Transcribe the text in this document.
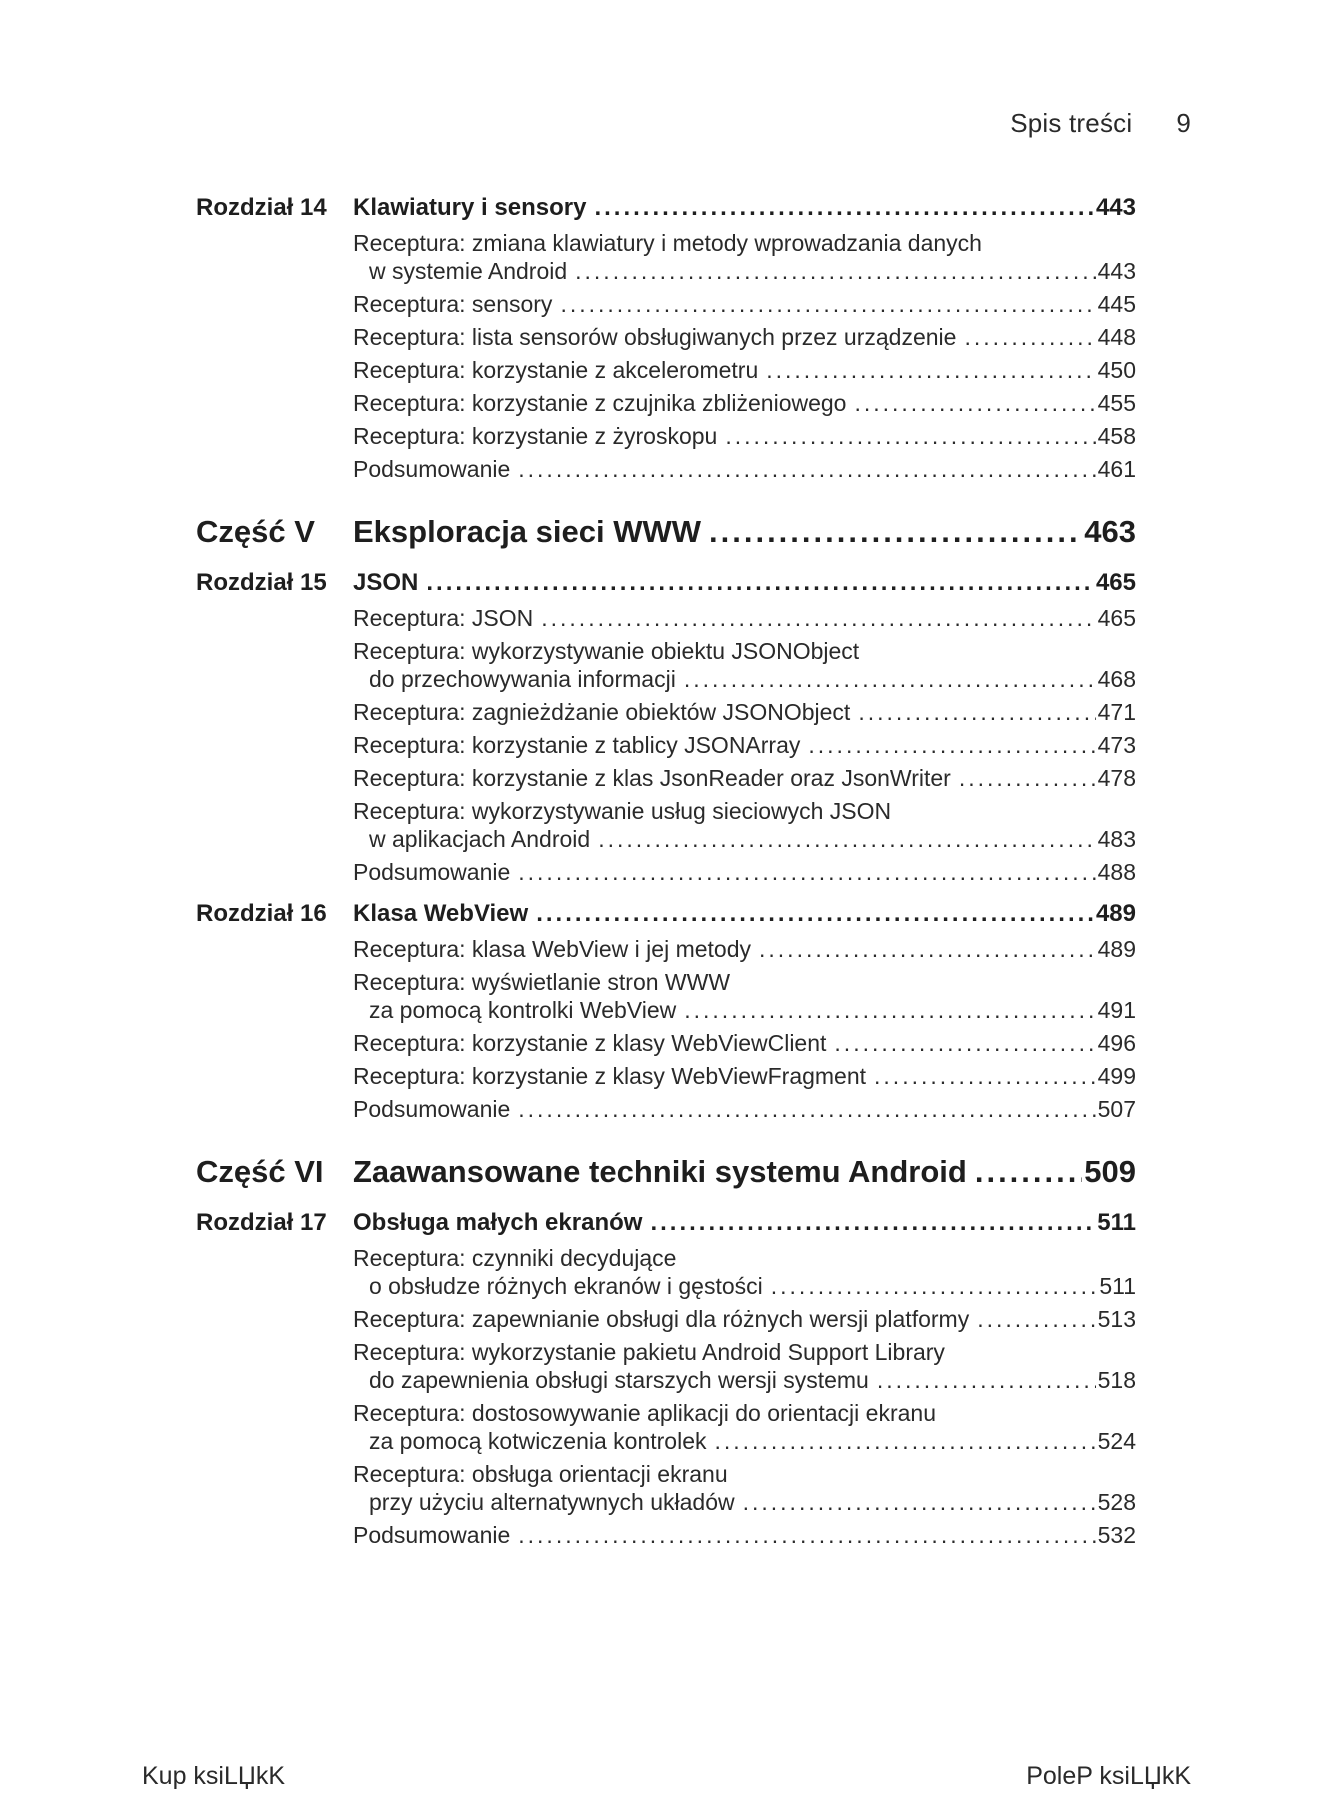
Spis treści 9
Rozdział 14 Klawiatury i sensory .....	443
Receptura: zmiana klawiatury i metody wprowadzania danych
w systemie Android .....	443
Receptura: sensory .....	445
Receptura: lista sensorów obsługiwanych przez urządzenie .....	448
Receptura: korzystanie z akcelerometru .....	450
Receptura: korzystanie z czujnika zbliżeniowego .....	455
Receptura: korzystanie z żyroskopu .....	458
Podsumowanie .....	461
Część V Eksploracja sieci WWW .....	463
Rozdział 15 JSON .....	465
Receptura: JSON .....	465
Receptura: wykorzystywanie obiektu JSONObject
do przechowywania informacji .....	468
Receptura: zagnieżdżanie obiektów JSONObject .....	471
Receptura: korzystanie z tablicy JSONArray .....	473
Receptura: korzystanie z klas JsonReader oraz JsonWriter .....	478
Receptura: wykorzystywanie usług sieciowych JSON
w aplikacjach Android .....	483
Podsumowanie .....	488
Rozdział 16 Klasa WebView .....	489
Receptura: klasa WebView i jej metody .....	489
Receptura: wyświetlanie stron WWW
za pomocą kontrolki WebView .....	491
Receptura: korzystanie z klasy WebViewClient .....	496
Receptura: korzystanie z klasy WebViewFragment .....	499
Podsumowanie .....	507
Część VI Zaawansowane techniki systemu Android .....	509
Rozdział 17 Obsługa małych ekranów .....	511
Receptura: czynniki decydujące
o obsłudze różnych ekranów i gęstości .....	511
Receptura: zapewnianie obsługi dla różnych wersji platformy .....	513
Receptura: wykorzystanie pakietu Android Support Library
do zapewnienia obsługi starszych wersji systemu .....	518
Receptura: dostosowywanie aplikacji do orientacji ekranu
za pomocą kotwiczenia kontrolek .....	524
Receptura: obsługa orientacji ekranu
przy użyciu alternatywnych układów .....	528
Podsumowanie .....	532
Kup ksiLЏkK	PoleP ksiLЏkK
